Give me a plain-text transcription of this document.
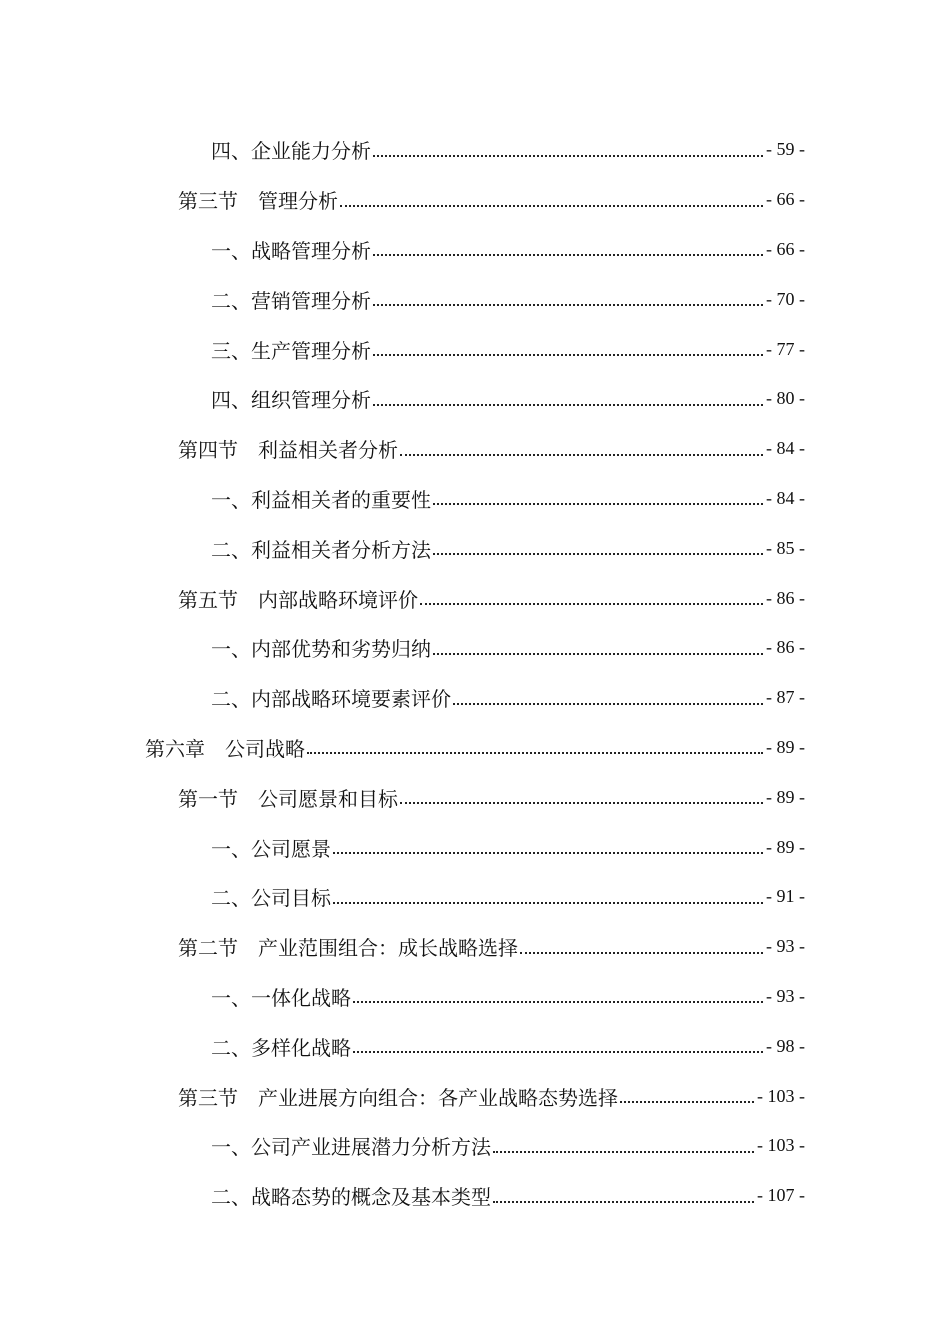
四、企业能力分析	- 59 -
第三节　管理分析	- 66 -
一、战略管理分析	- 66 -
二、营销管理分析	- 70 -
三、生产管理分析	- 77 -
四、组织管理分析	- 80 -
第四节　利益相关者分析	- 84 -
一、利益相关者的重要性	- 84 -
二、利益相关者分析方法	- 85 -
第五节　内部战略环境评价	- 86 -
一、内部优势和劣势归纳	- 86 -
二、内部战略环境要素评价	- 87 -
第六章　公司战略	- 89 -
第一节　公司愿景和目标	- 89 -
一、公司愿景	- 89 -
二、公司目标	- 91 -
第二节　产业范围组合：成长战略选择	- 93 -
一、一体化战略	- 93 -
二、多样化战略	- 98 -
第三节　产业进展方向组合：各产业战略态势选择	- 103 -
一、公司产业进展潜力分析方法	- 103 -
二、战略态势的概念及基本类型	- 107 -
